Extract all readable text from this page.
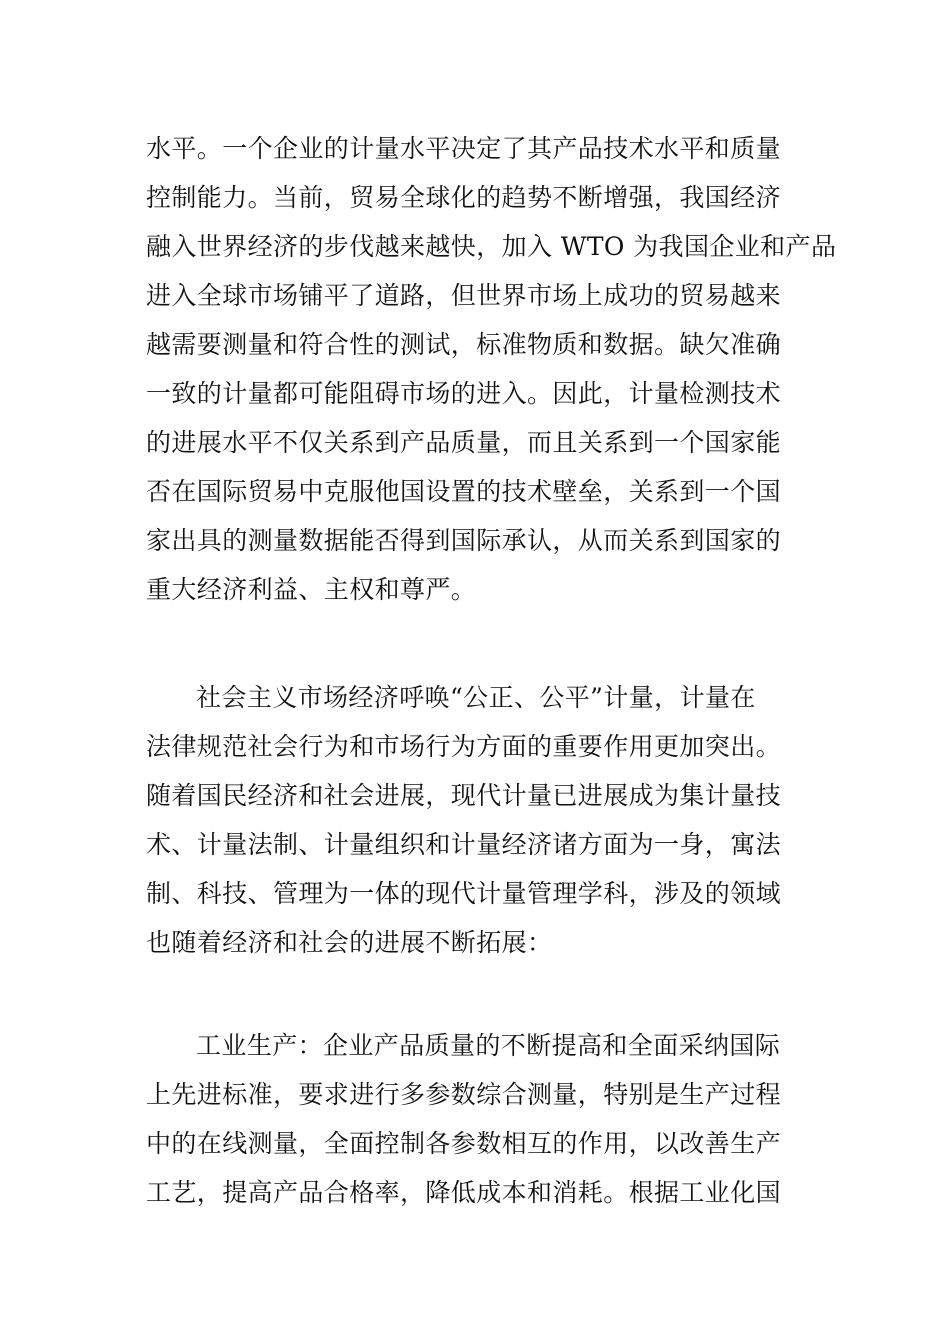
水平。一个企业的计量水平决定了其产品技术水平和质量
控制能力。当前，贸易全球化的趋势不断增强，我国经济
融入世界经济的步伐越来越快，加入 WTO 为我国企业和产品
进入全球市场铺平了道路，但世界市场上成功的贸易越来
越需要测量和符合性的测试，标准物质和数据。缺欠准确
一致的计量都可能阻碍市场的进入。因此，计量检测技术
的进展水平不仅关系到产品质量，而且关系到一个国家能
否在国际贸易中克服他国设置的技术壁垒，关系到一个国
家出具的测量数据能否得到国际承认，从而关系到国家的
重大经济利益、主权和尊严。
社会主义市场经济呼唤“公正、公平”计量，计量在
法律规范社会行为和市场行为方面的重要作用更加突出。
随着国民经济和社会进展，现代计量已进展成为集计量技
术、计量法制、计量组织和计量经济诸方面为一身，寓法
制、科技、管理为一体的现代计量管理学科，涉及的领域
也随着经济和社会的进展不断拓展：
工业生产：企业产品质量的不断提高和全面采纳国际
上先进标准，要求进行多参数综合测量，特别是生产过程
中的在线测量，全面控制各参数相互的作用，以改善生产
工艺，提高产品合格率，降低成本和消耗。根据工业化国
